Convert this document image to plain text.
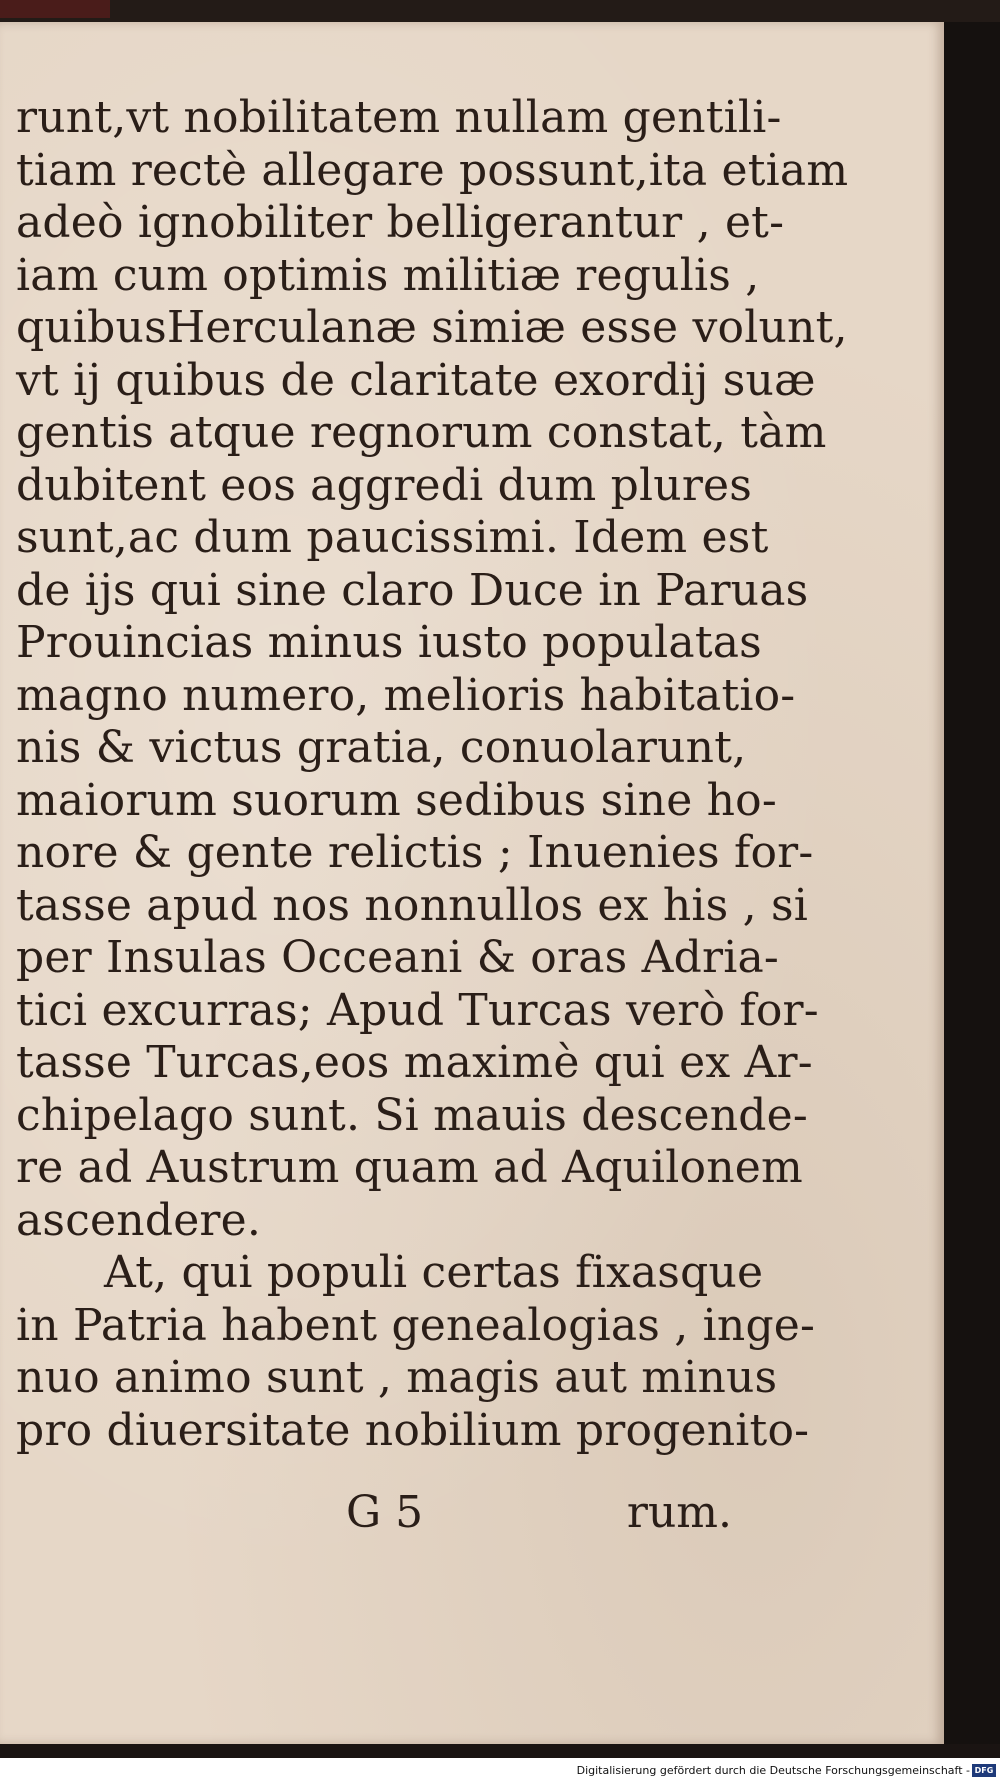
runt,vt nobilitatem nullam gentili-
tiam rectè allegare possunt,ita etiam
adeò ignobiliter belligerantur , et-
iam cum optimis militiæ regulis ,
quibusHerculanæ simiæ esse volunt,
vt ij quibus de claritate exordij suæ
gentis atque regnorum constat, tàm
dubitent eos aggredi dum plures
sunt,ac dum paucissimi. Idem est
de ijs qui sine claro Duce in Paruas
Prouincias minus iusto populatas
magno numero, melioris habitatio-
nis & victus gratia, conuolarunt,
maiorum suorum sedibus sine ho-
nore & gente relictis ; Inuenies for-
tasse apud nos nonnullos ex his , si
per Insulas Occeani & oras Adria-
tici excurras; Apud Turcas verò for-
tasse Turcas,eos maximè qui ex Ar-
chipelago sunt. Si mauis descende-
re ad Austrum quam ad Aquilonem
ascendere.
At, qui populi certas fixasque
in Patria habent genealogias , inge-
nuo animo sunt , magis aut minus
pro diuersitate nobilium progenito-
G 5	rum.
Digitalisierung gefördert durch die Deutsche Forschungsgemeinschaft - DFG
